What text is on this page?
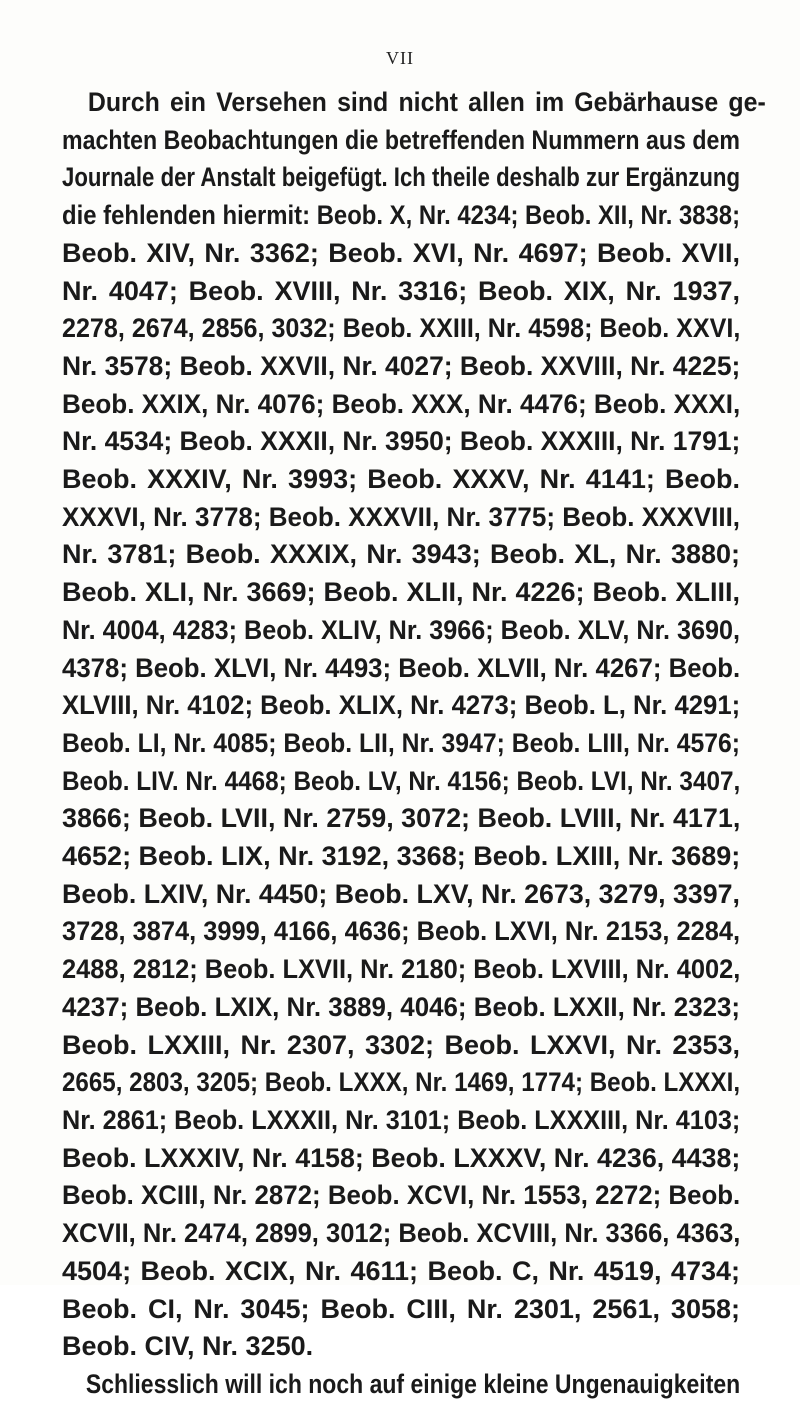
VII
Durch ein Versehen sind nicht allen im Gebärhause ge-
machten Beobachtungen die betreffenden Nummern aus dem
Journale der Anstalt beigefügt. Ich theile deshalb zur Ergänzung
die fehlenden hiermit: Beob. X, Nr. 4234; Beob. XII, Nr. 3838;
Beob. XIV, Nr. 3362; Beob. XVI, Nr. 4697; Beob. XVII,
Nr. 4047; Beob. XVIII, Nr. 3316; Beob. XIX, Nr. 1937,
2278, 2674, 2856, 3032; Beob. XXIII, Nr. 4598; Beob. XXVI,
Nr. 3578; Beob. XXVII, Nr. 4027; Beob. XXVIII, Nr. 4225;
Beob. XXIX, Nr. 4076; Beob. XXX, Nr. 4476; Beob. XXXI,
Nr. 4534; Beob. XXXII, Nr. 3950; Beob. XXXIII, Nr. 1791;
Beob. XXXIV, Nr. 3993; Beob. XXXV, Nr. 4141; Beob.
XXXVI, Nr. 3778; Beob. XXXVII, Nr. 3775; Beob. XXXVIII,
Nr. 3781; Beob. XXXIX, Nr. 3943; Beob. XL, Nr. 3880;
Beob. XLI, Nr. 3669; Beob. XLII, Nr. 4226; Beob. XLIII,
Nr. 4004, 4283; Beob. XLIV, Nr. 3966; Beob. XLV, Nr. 3690,
4378; Beob. XLVI, Nr. 4493; Beob. XLVII, Nr. 4267; Beob.
XLVIII, Nr. 4102; Beob. XLIX, Nr. 4273; Beob. L, Nr. 4291;
Beob. LI, Nr. 4085; Beob. LII, Nr. 3947; Beob. LIII, Nr. 4576;
Beob. LIV. Nr. 4468; Beob. LV, Nr. 4156; Beob. LVI, Nr. 3407,
3866; Beob. LVII, Nr. 2759, 3072; Beob. LVIII, Nr. 4171,
4652; Beob. LIX, Nr. 3192, 3368; Beob. LXIII, Nr. 3689;
Beob. LXIV, Nr. 4450; Beob. LXV, Nr. 2673, 3279, 3397,
3728, 3874, 3999, 4166, 4636; Beob. LXVI, Nr. 2153, 2284,
2488, 2812; Beob. LXVII, Nr. 2180; Beob. LXVIII, Nr. 4002,
4237; Beob. LXIX, Nr. 3889, 4046; Beob. LXXII, Nr. 2323;
Beob. LXXIII, Nr. 2307, 3302; Beob. LXXVI, Nr. 2353,
2665, 2803, 3205; Beob. LXXX, Nr. 1469, 1774; Beob. LXXXI,
Nr. 2861; Beob. LXXXII, Nr. 3101; Beob. LXXXIII, Nr. 4103;
Beob. LXXXIV, Nr. 4158; Beob. LXXXV, Nr. 4236, 4438;
Beob. XCIII, Nr. 2872; Beob. XCVI, Nr. 1553, 2272; Beob.
XCVII, Nr. 2474, 2899, 3012; Beob. XCVIII, Nr. 3366, 4363,
4504; Beob. XCIX, Nr. 4611; Beob. C, Nr. 4519, 4734;
Beob. CI, Nr. 3045; Beob. CIII, Nr. 2301, 2561, 3058;
Beob. CIV, Nr. 3250.
Schliesslich will ich noch auf einige kleine Ungenauigkeiten
